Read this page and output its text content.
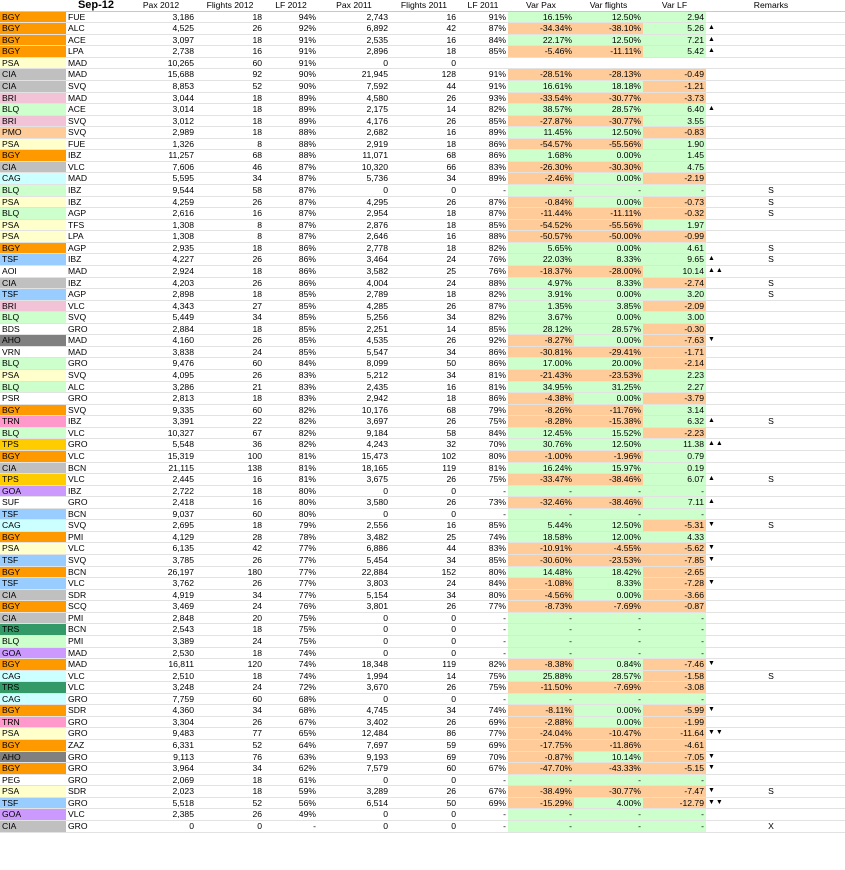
	Sep-12	Pax 2012	Flights 2012	LF 2012	Pax 2011	Flights 2011	LF 2011	Var Pax	Var flights	Var LF		Remarks	
BGY	FUE	3,186	18	94%	2,743	16	91%	16.15%	12.50%	2.94			
BGY	ALC	4,525	26	92%	6,892	42	87%	-34.34%	-38.10%	5.26	▲		
BGY	ACE	3,097	18	91%	2,535	16	84%	22.17%	12.50%	7.21	▲		
BGY	LPA	2,738	16	91%	2,896	18	85%	-5.46%	-11.11%	5.42	▲		
PSA	MAD	10,265	60	91%	0	0							
CIA	MAD	15,688	92	90%	21,945	128	91%	-28.51%	-28.13%	-0.49			
CIA	SVQ	8,853	52	90%	7,592	44	91%	16.61%	18.18%	-1.21			
BRI	MAD	3,044	18	89%	4,580	26	93%	-33.54%	-30.77%	-3.73			
BLQ	ACE	3,014	18	89%	2,175	14	82%	38.57%	28.57%	6.40	▲		
BRI	SVQ	3,012	18	89%	4,176	26	85%	-27.87%	-30.77%	3.55			
PMO	SVQ	2,989	18	88%	2,682	16	89%	11.45%	12.50%	-0.83			
PSA	FUE	1,326	8	88%	2,919	18	86%	-54.57%	-55.56%	1.90			
BGY	IBZ	11,257	68	88%	11,071	68	86%	1.68%	0.00%	1.45			
CIA	VLC	7,606	46	87%	10,320	66	83%	-26.30%	-30.30%	4.75			
CAG	MAD	5,595	34	87%	5,736	34	89%	-2.46%	0.00%	-2.19			
BLQ	IBZ	9,544	58	87%	0	0	-	-	-	-		S	
PSA	IBZ	4,259	26	87%	4,295	26	87%	-0.84%	0.00%	-0.73		S	
BLQ	AGP	2,616	16	87%	2,954	18	87%	-11.44%	-11.11%	-0.32		S	
PSA	TFS	1,308	8	87%	2,876	18	85%	-54.52%	-55.56%	1.97			
PSA	LPA	1,308	8	87%	2,646	16	88%	-50.57%	-50.00%	-0.99			
BGY	AGP	2,935	18	86%	2,778	18	82%	5.65%	0.00%	4.61		S	
TSF	IBZ	4,227	26	86%	3,464	24	76%	22.03%	8.33%	9.65	▲	S	
AOI	MAD	2,924	18	86%	3,582	25	76%	-18.37%	-28.00%	10.14	▲▲		
CIA	IBZ	4,203	26	86%	4,004	24	88%	4.97%	8.33%	-2.74		S	
TSF	AGP	2,898	18	85%	2,789	18	82%	3.91%	0.00%	3.20		S	
BRI	VLC	4,343	27	85%	4,285	26	87%	1.35%	3.85%	-2.09			
BLQ	SVQ	5,449	34	85%	5,256	34	82%	3.67%	0.00%	3.00			
BDS	GRO	2,884	18	85%	2,251	14	85%	28.12%	28.57%	-0.30			
AHO	MAD	4,160	26	85%	4,535	26	92%	-8.27%	0.00%	-7.63	▼		
VRN	MAD	3,838	24	85%	5,547	34	86%	-30.81%	-29.41%	-1.71			
BLQ	GRO	9,476	60	84%	8,099	50	86%	17.00%	20.00%	-2.14			
PSA	SVQ	4,095	26	83%	5,212	34	81%	-21.43%	-23.53%	2.23			
BLQ	ALC	3,286	21	83%	2,435	16	81%	34.95%	31.25%	2.27			
PSR	GRO	2,813	18	83%	2,942	18	86%	-4.38%	0.00%	-3.79			
BGY	SVQ	9,335	60	82%	10,176	68	79%	-8.26%	-11.76%	3.14			
TRN	IBZ	3,391	22	82%	3,697	26	75%	-8.28%	-15.38%	6.32	▲	S	
BLQ	VLC	10,327	67	82%	9,184	58	84%	12.45%	15.52%	-2.23			
TPS	GRO	5,548	36	82%	4,243	32	70%	30.76%	12.50%	11.38	▲▲		
BGY	VLC	15,319	100	81%	15,473	102	80%	-1.00%	-1.96%	0.79			
CIA	BCN	21,115	138	81%	18,165	119	81%	16.24%	15.97%	0.19			
TPS	VLC	2,445	16	81%	3,675	26	75%	-33.47%	-38.46%	6.07	▲	S	
GOA	IBZ	2,722	18	80%	0	0	-	-	-	-			
SUF	GRO	2,418	16	80%	3,580	26	73%	-32.46%	-38.46%	7.11	▲		
TSF	BCN	9,037	60	80%	0	0	-	-	-	-			
CAG	SVQ	2,695	18	79%	2,556	16	85%	5.44%	12.50%	-5.31	▼	S	
BGY	PMI	4,129	28	78%	3,482	25	74%	18.58%	12.00%	4.33			
PSA	VLC	6,135	42	77%	6,886	44	83%	-10.91%	-4.55%	-5.62	▼		
TSF	SVQ	3,785	26	77%	5,454	34	85%	-30.60%	-23.53%	-7.85	▼		
BGY	BCN	26,197	180	77%	22,884	152	80%	14.48%	18.42%	-2.65			
TSF	VLC	3,762	26	77%	3,803	24	84%	-1.08%	8.33%	-7.28	▼		
CIA	SDR	4,919	34	77%	5,154	34	80%	-4.56%	0.00%	-3.66			
BGY	SCQ	3,469	24	76%	3,801	26	77%	-8.73%	-7.69%	-0.87			
CIA	PMI	2,848	20	75%	0	0	-	-	-	-			
TRS	BCN	2,543	18	75%	0	0	-	-	-	-			
BLQ	PMI	3,389	24	75%	0	0	-	-	-	-			
GOA	MAD	2,530	18	74%	0	0	-	-	-	-			
BGY	MAD	16,811	120	74%	18,348	119	82%	-8.38%	0.84%	-7.46	▼		
CAG	VLC	2,510	18	74%	1,994	14	75%	25.88%	28.57%	-1.58		S	
TRS	VLC	3,248	24	72%	3,670	26	75%	-11.50%	-7.69%	-3.08			
CAG	GRO	7,759	60	68%	0	0	-	-	-	-			
BGY	SDR	4,360	34	68%	4,745	34	74%	-8.11%	0.00%	-5.99	▼		
TRN	GRO	3,304	26	67%	3,402	26	69%	-2.88%	0.00%	-1.99			
PSA	GRO	9,483	77	65%	12,484	86	77%	-24.04%	-10.47%	-11.64	▼▼		
BGY	ZAZ	6,331	52	64%	7,697	59	69%	-17.75%	-11.86%	-4.61			
AHO	GRO	9,113	76	63%	9,193	69	70%	-0.87%	10.14%	-7.05	▼		
BGY	GRO	3,964	34	62%	7,579	60	67%	-47.70%	-43.33%	-5.15	▼		
PEG	GRO	2,069	18	61%	0	0	-	-	-	-			
PSA	SDR	2,023	18	59%	3,289	26	67%	-38.49%	-30.77%	-7.47	▼	S	
TSF	GRO	5,518	52	56%	6,514	50	69%	-15.29%	4.00%	-12.79	▼▼		
GOA	VLC	2,385	26	49%	0	0	-	-	-	-			
CIA	GRO	0	0	-	0	0	-	-	-	-		X	
